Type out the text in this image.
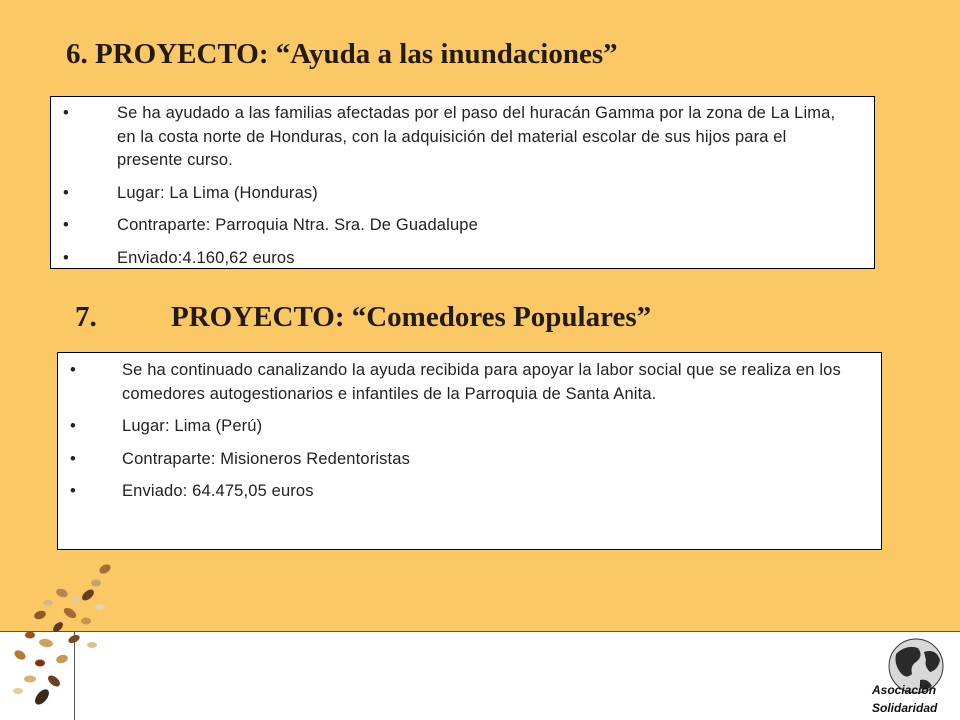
6. PROYECTO: “Ayuda a las inundaciones”
•	Se ha ayudado a las familias afectadas por el paso del huracán Gamma por la zona de La Lima, en la costa norte de Honduras, con la adquisición del material escolar de sus hijos para el presente curso.
•	Lugar: La Lima (Honduras)
•	Contraparte: Parroquia Ntra. Sra. De Guadalupe
•	Enviado:4.160,62 euros
7.	PROYECTO: “Comedores Populares”
•	Se ha continuado canalizando la ayuda recibida para apoyar la labor social que se realiza en los comedores autogestionarios e infantiles de la Parroquia de Santa Anita.
•	Lugar: Lima (Perú)
•	Contraparte: Misioneros Redentoristas
•	Enviado: 64.475,05 euros
Asociación
Solidaridad
